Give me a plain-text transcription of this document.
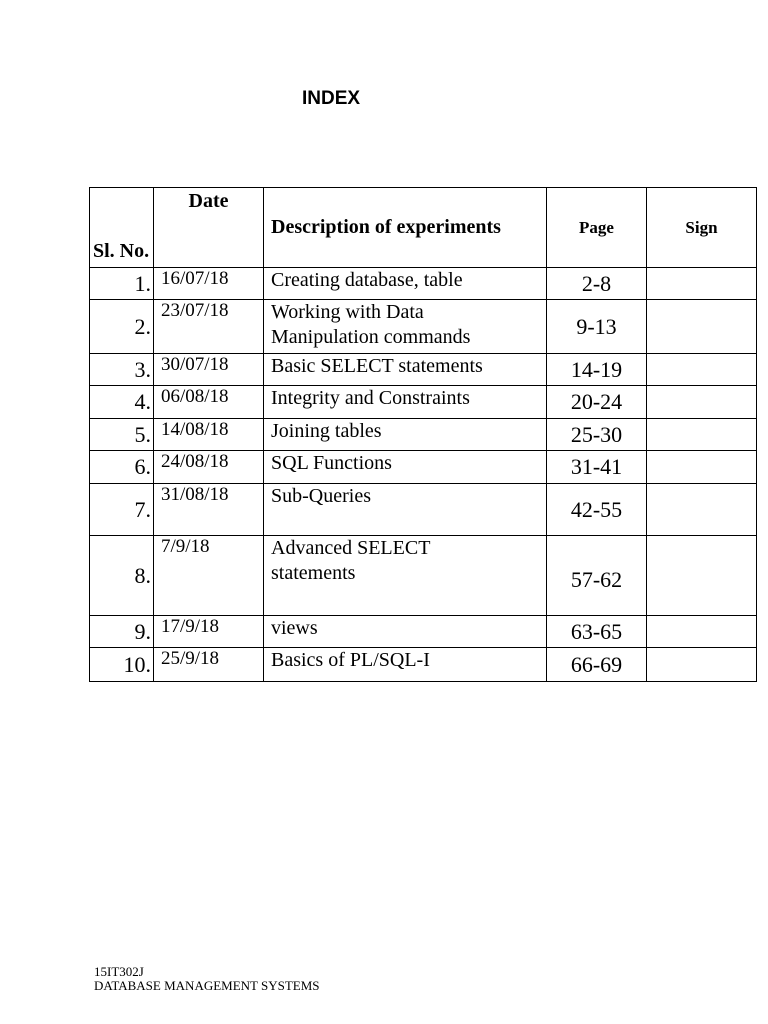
INDEX
Sl. No.	Date	Description of experiments	Page	Sign
1.	16/07/18	Creating database, table	2-8	
2.	23/07/18	Working with Data Manipulation commands	9-13	
3.	30/07/18	Basic SELECT statements	14-19	
4.	06/08/18	Integrity and Constraints	20-24	
5.	14/08/18	Joining tables	25-30	
6.	24/08/18	SQL Functions	31-41	
7.	31/08/18	Sub-Queries	42-55	
8.	7/9/18	Advanced SELECT statements	57-62	
9.	17/9/18	views	63-65	
10.	25/9/18	Basics of PL/SQL-I	66-69	
15IT302J
DATABASE MANAGEMENT SYSTEMS
